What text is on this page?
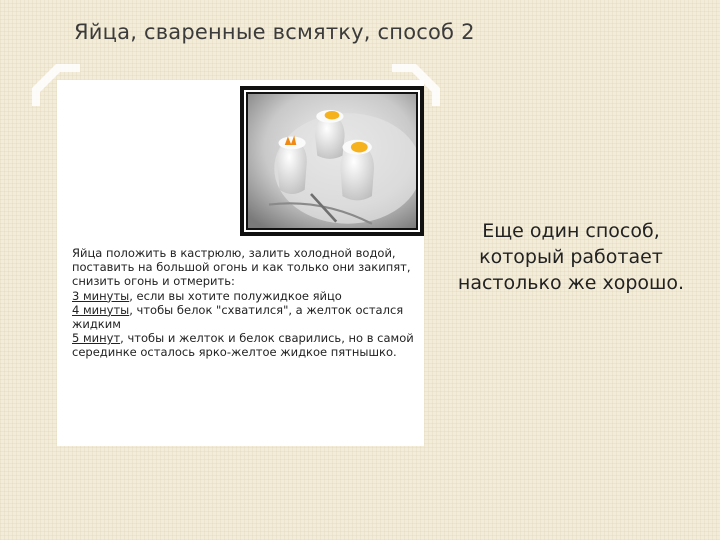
Яйца, сваренные всмятку, способ 2
Яйца положить в кастрюлю, залить холодной водой, поставить на большой огонь и как только они закипят, снизить огонь и отмерить:
3 минуты, если вы хотите полужидкое яйцо
4 минуты, чтобы белок "схватился", а желток остался жидким
5 минут, чтобы и желток и белок сварились, но в самой серединке осталось ярко-желтое жидкое пятнышко.
Еще один способ, который работает настолько же хорошо.
